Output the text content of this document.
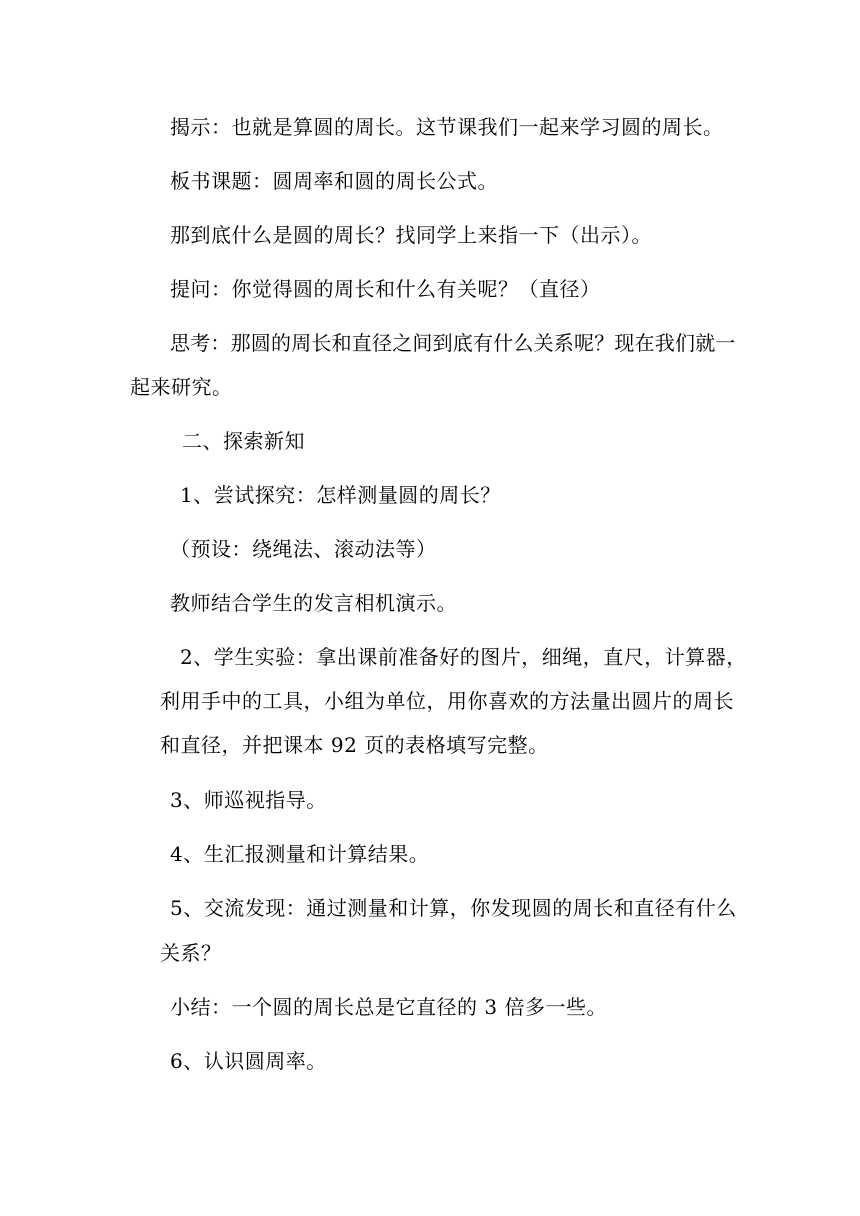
揭示：也就是算圆的周长。这节课我们一起来学习圆的周长。
板书课题：圆周率和圆的周长公式。
那到底什么是圆的周长？找同学上来指一下（出示）。
提问：你觉得圆的周长和什么有关呢？（直径）
思考：那圆的周长和直径之间到底有什么关系呢？现在我们就一
起来研究。
二、探索新知
1、尝试探究：怎样测量圆的周长？
（预设：绕绳法、滚动法等）
教师结合学生的发言相机演示。
2、学生实验：拿出课前准备好的图片，细绳，直尺，计算器，
利用手中的工具，小组为单位，用你喜欢的方法量出圆片的周长
和直径，并把课本 92 页的表格填写完整。
3、师巡视指导。
4、生汇报测量和计算结果。
5、交流发现：通过测量和计算，你发现圆的周长和直径有什么
关系？
小结：一个圆的周长总是它直径的 3 倍多一些。
6、认识圆周率。
